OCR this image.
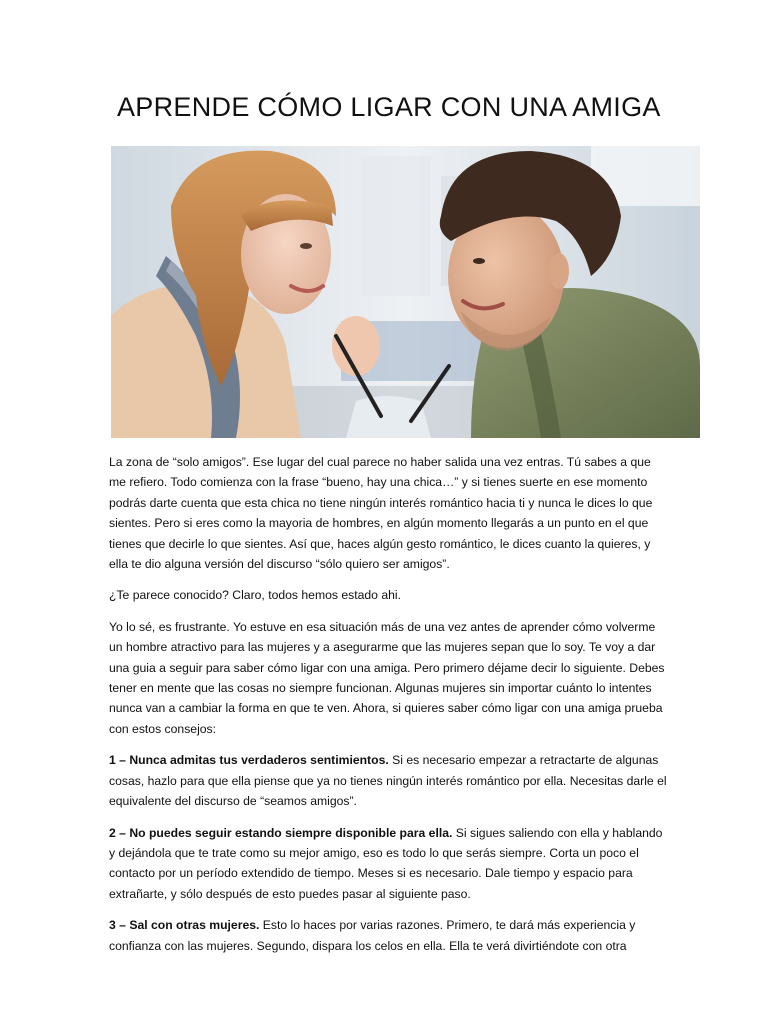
APRENDE CÓMO LIGAR CON UNA AMIGA

La zona de “solo amigos”. Ese lugar del cual parece no haber salida una vez entras. Tú sabes a que me refiero. Todo comienza con la frase “bueno, hay una chica…” y si tienes suerte en ese momento podrás darte cuenta que esta chica no tiene ningún interés romántico hacia ti y nunca le dices lo que sientes. Pero si eres como la mayoria de hombres, en algún momento llegarás a un punto en el que tienes que decirle lo que sientes. Así que, haces algún gesto romántico, le dices cuanto la quieres, y ella te dio alguna versión del discurso “sólo quiero ser amigos”.

¿Te parece conocido? Claro, todos hemos estado ahi.

Yo lo sé, es frustrante. Yo estuve en esa situación más de una vez antes de aprender cómo volverme un hombre atractivo para las mujeres y a asegurarme que las mujeres sepan que lo soy. Te voy a dar una guia a seguir para saber cómo ligar con una amiga. Pero primero déjame decir lo siguiente. Debes tener en mente que las cosas no siempre funcionan. Algunas mujeres sin importar cuánto lo intentes nunca van a cambiar la forma en que te ven. Ahora, si quieres saber cómo ligar con una amiga prueba con estos consejos:

1 – Nunca admitas tus verdaderos sentimientos. Si es necesario empezar a retractarte de algunas cosas, hazlo para que ella piense que ya no tienes ningún interés romántico por ella. Necesitas darle el equivalente del discurso de “seamos amigos”.

2 – No puedes seguir estando siempre disponible para ella. Si sigues saliendo con ella y hablando y dejándola que te trate como su mejor amigo, eso es todo lo que serás siempre. Corta un poco el contacto por un período extendido de tiempo. Meses si es necesario. Dale tiempo y espacio para extrañarte, y sólo después de esto puedes pasar al siguiente paso.

3 – Sal con otras mujeres. Esto lo haces por varias razones. Primero, te dará más experiencia y confianza con las mujeres. Segundo, dispara los celos en ella. Ella te verá divirtiéndote con otra
